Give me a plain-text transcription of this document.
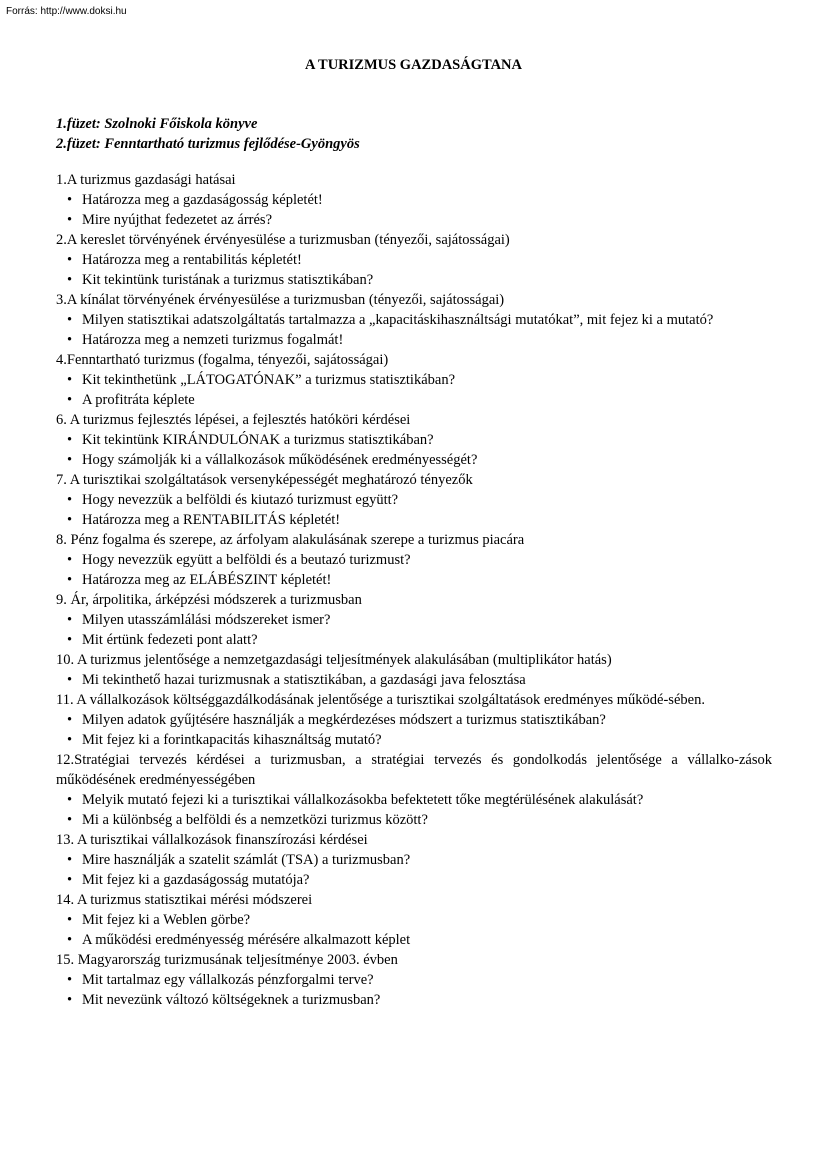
Forrás: http://www.doksi.hu
A TURIZMUS GAZDASÁGTANA
1.füzet: Szolnoki Főiskola könyve
2.füzet: Fenntartható turizmus fejlődése-Gyöngyös
1.A turizmus gazdasági hatásai
• Határozza meg a gazdaságosság képletét!
• Mire nyújthat fedezetet az árrés?
2.A kereslet törvényének érvényesülése a turizmusban (tényezői, sajátosságai)
• Határozza meg a rentabilitás képletét!
• Kit tekintünk turistának a turizmus statisztikában?
3.A kínálat törvényének érvényesülése a turizmusban (tényezői, sajátosságai)
• Milyen statisztikai adatszolgáltatás tartalmazza a „kapacitáskihasználtsági mutatókat”, mit fejez ki a mutató?
• Határozza meg a nemzeti turizmus fogalmát!
4.Fenntartható turizmus (fogalma, tényezői, sajátosságai)
• Kit tekinthetünk „LÁTOGATÓNAK” a turizmus statisztikában?
• A profitráta képlete
6. A turizmus fejlesztés lépései, a fejlesztés hatóköri kérdései
• Kit tekintünk KIRÁNDULÓNAK a turizmus statisztikában?
• Hogy számolják ki a vállalkozások működésének eredményességét?
7. A turisztikai szolgáltatások versenyképességét meghatározó tényezők
• Hogy nevezzük a belföldi és kiutazó turizmust együtt?
• Határozza meg a RENTABILITÁS képletét!
8. Pénz fogalma és szerepe, az árfolyam alakulásának szerepe a turizmus piacára
• Hogy nevezzük együtt a belföldi és a beutazó turizmust?
• Határozza meg az ELÁBÉSZINT képletét!
9. Ár, árpolitika, árképzési módszerek a turizmusban
• Milyen utasszámlálási módszereket ismer?
• Mit értünk fedezeti pont alatt?
10. A turizmus jelentősége a nemzetgazdasági teljesítmények alakulásában (multiplikátor hatás)
• Mi tekinthető hazai turizmusnak a statisztikában, a gazdasági java felosztása
11. A vállalkozások költséggazdálkodásának jelentősége a turisztikai szolgáltatások eredményes működé-sében.
• Milyen adatok gyűjtésére használják a megkérdezéses módszert a turizmus statisztikában?
• Mit fejez ki a forintkapacitás kihasználtság mutató?
12.Stratégiai tervezés kérdései a turizmusban, a stratégiai tervezés és gondolkodás jelentősége a vállalko-zások működésének eredményességében
• Melyik mutató fejezi ki a turisztikai vállalkozásokba befektetett tőke megtérülésének alakulását?
• Mi a különbség a belföldi és a nemzetközi turizmus között?
13. A turisztikai vállalkozások finanszírozási kérdései
• Mire használják a szatelit számlát (TSA) a turizmusban?
• Mit fejez ki a gazdaságosság mutatója?
14. A turizmus statisztikai mérési módszerei
• Mit fejez ki a Weblen görbe?
• A működési eredményesség mérésére alkalmazott képlet
15. Magyarország turizmusának teljesítménye 2003. évben
• Mit tartalmaz egy vállalkozás pénzforgalmi terve?
• Mit nevezünk változó költségeknek a turizmusban?
